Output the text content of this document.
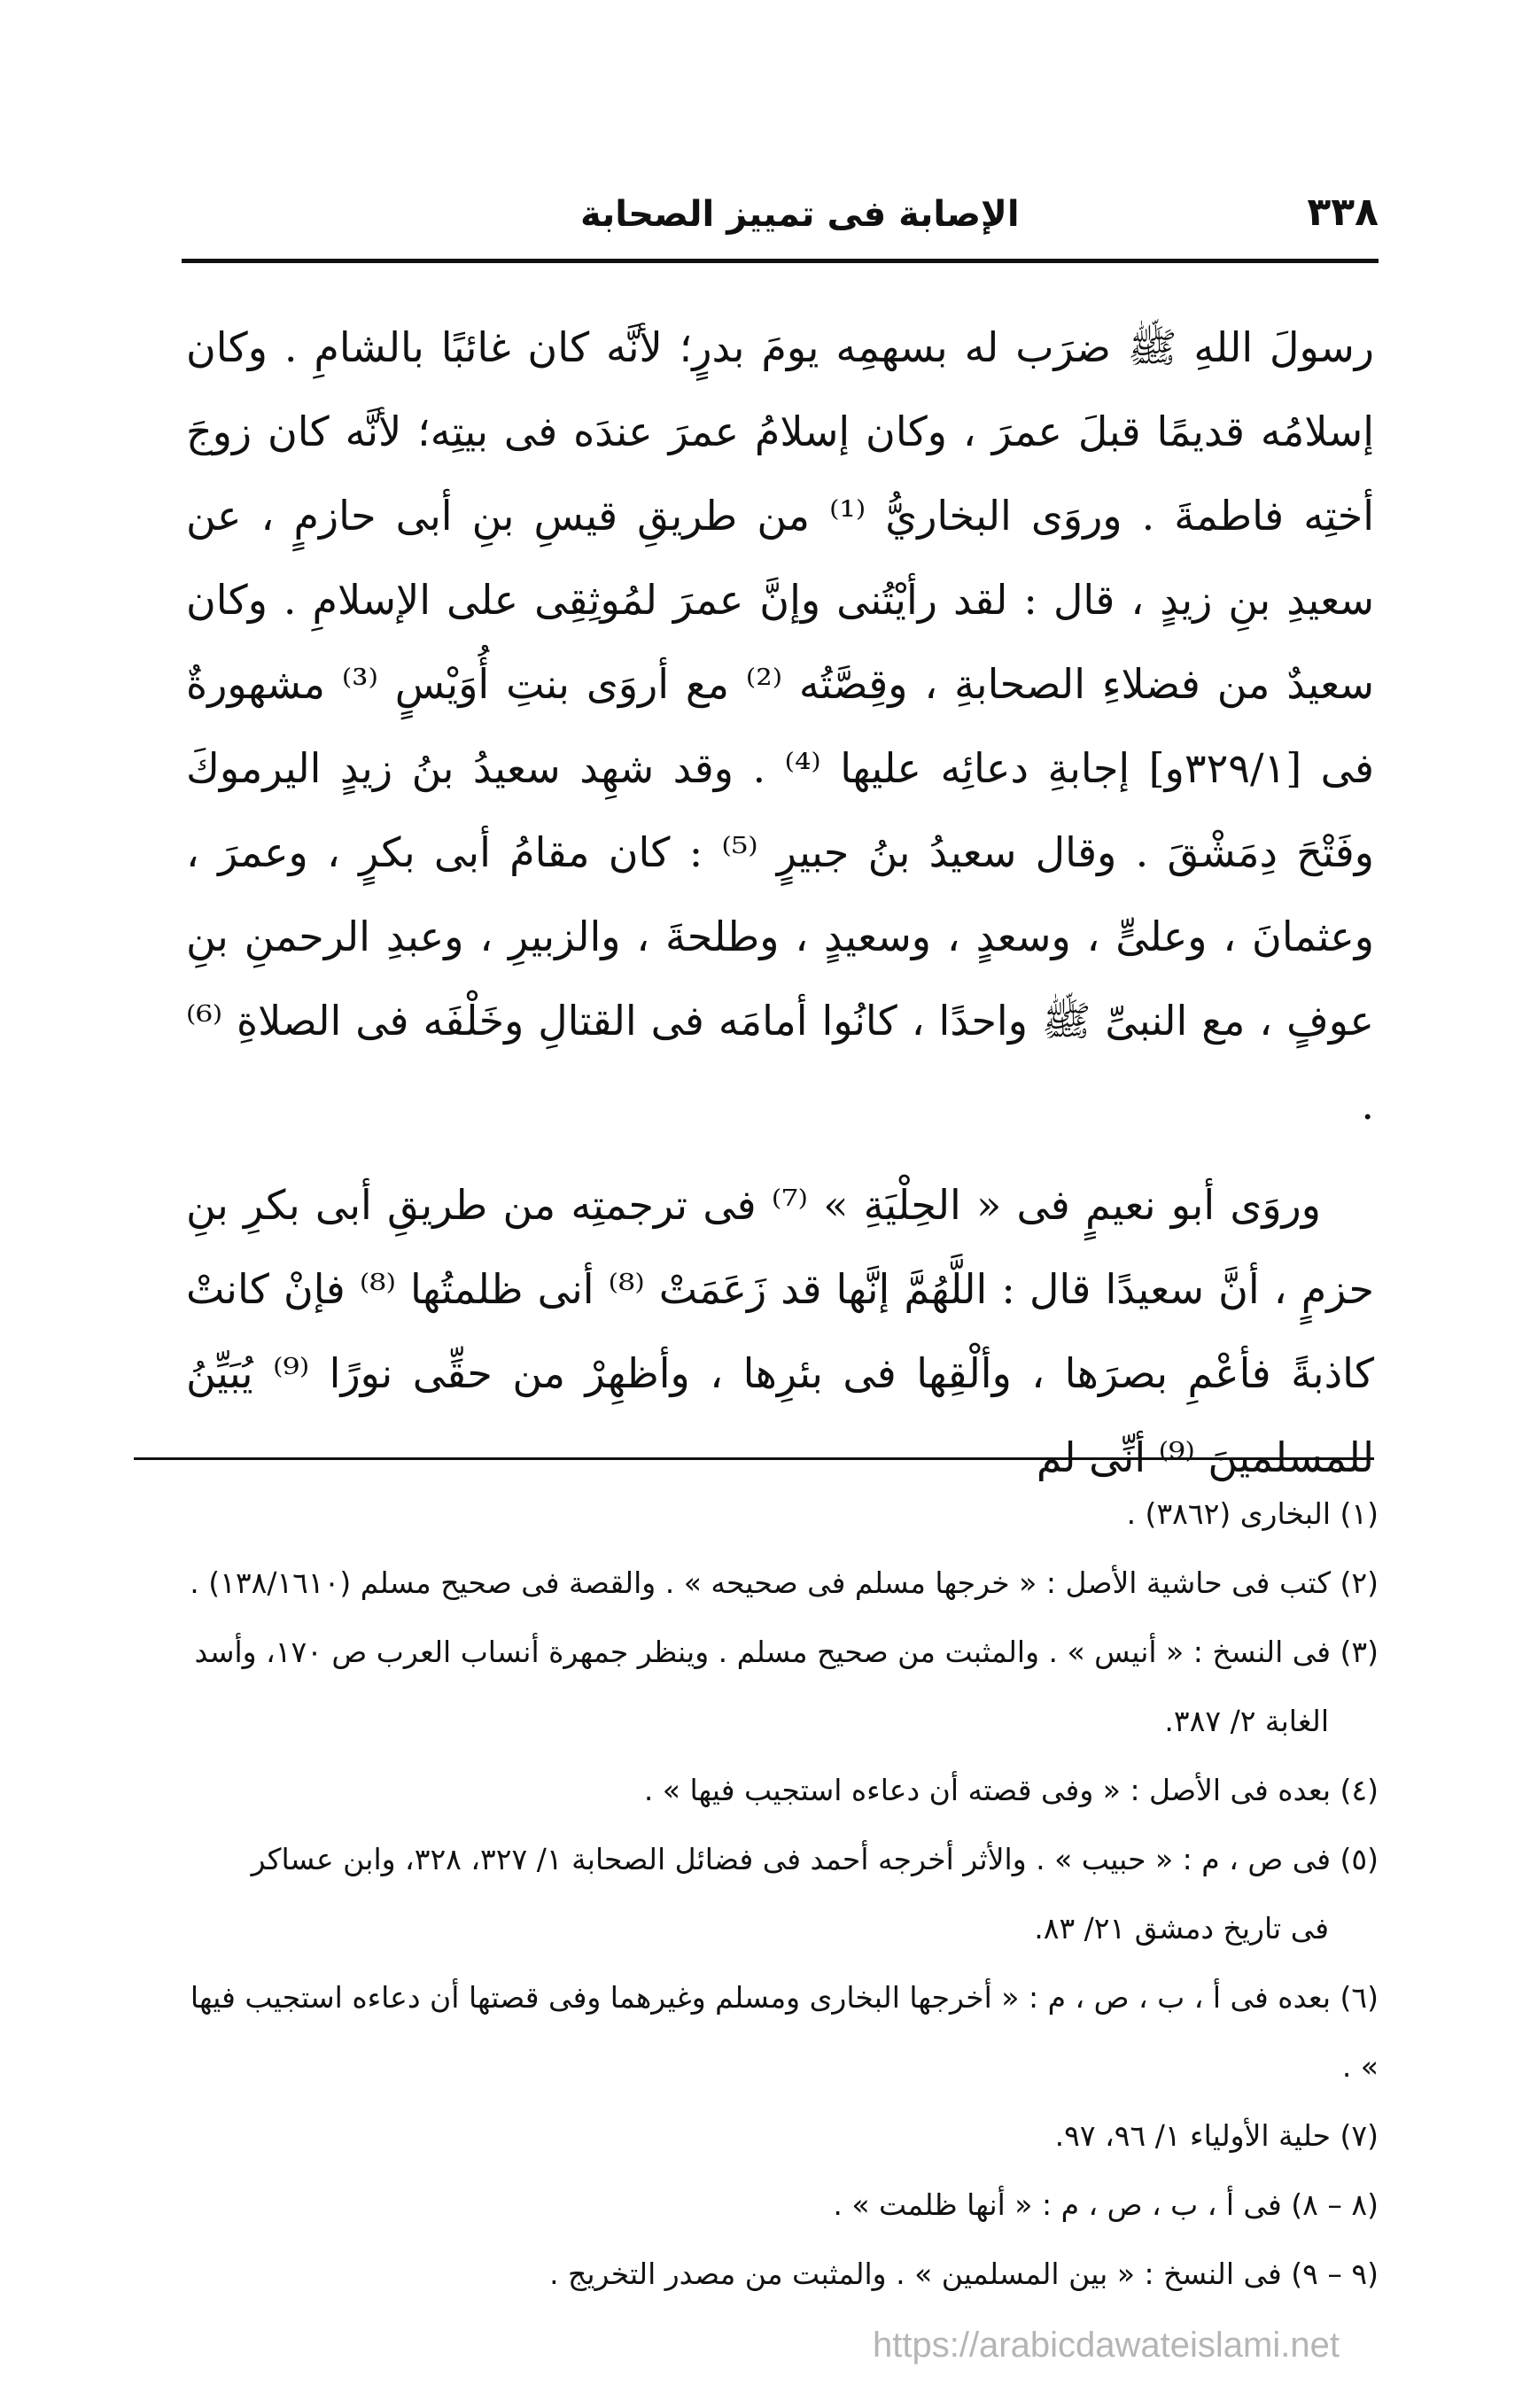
٣٣٨
الإصابة فى تمييز الصحابة

رسولَ اللهِ ﷺ ضرَب له بسهمِه يومَ بدرٍ؛ لأنَّه كان غائبًا بالشامِ . وكان إسلامُه قديمًا قبلَ عمرَ ، وكان إسلامُ عمرَ عندَه فى بيتِه؛ لأنَّه كان زوجَ أختِه فاطمةَ . وروَى البخاريُّ ⁽¹⁾ من طريقِ قيسِ بنِ أبى حازمٍ ، عن سعيدِ بنِ زيدٍ ، قال : لقد رأيْتُنى وإنَّ عمرَ لمُوثِقِى على الإسلامِ . وكان سعيدٌ من فضلاءِ الصحابةِ ، وقِصَّتُه ⁽²⁾ مع أروَى بنتِ أُوَيْسٍ ⁽³⁾ مشهورةٌ فى [٣٢٩/١و] إجابةِ دعائِه عليها ⁽⁴⁾ . وقد شهِد سعيدُ بنُ زيدٍ اليرموكَ وفَتْحَ دِمَشْقَ . وقال سعيدُ بنُ جبيرٍ ⁽⁵⁾ : كان مقامُ أبى بكرٍ ، وعمرَ ، وعثمانَ ، وعلىٍّ ، وسعدٍ ، وسعيدٍ ، وطلحةَ ، والزبيرِ ، وعبدِ الرحمنِ بنِ عوفٍ ، مع النبىِّ ﷺ واحدًا ، كانُوا أمامَه فى القتالِ وخَلْفَه فى الصلاةِ ⁽⁶⁾ .

وروَى أبو نعيمٍ فى « الحِلْيَةِ » ⁽⁷⁾ فى ترجمتِه من طريقِ أبى بكرِ بنِ حزمٍ ، أنَّ سعيدًا قال : اللَّهُمَّ إنَّها قد زَعَمَتْ ⁽⁸⁾ أنى ظلمتُها ⁽⁸⁾ فإنْ كانتْ كاذبةً فأعْمِ بصرَها ، وألْقِها فى بئرِها ، وأظهِرْ من حقِّى نورًا ⁽⁹⁾ يُبَيِّنُ للمسلمينَ ⁽⁹⁾ أنِّى لم

(١) البخارى (٣٨٦٢) .

(٢) كتب فى حاشية الأصل : « خرجها مسلم فى صحيحه » . والقصة فى صحيح مسلم (١٣٨/١٦١٠) .

(٣) فى النسخ : « أنيس » . والمثبت من صحيح مسلم . وينظر جمهرة أنساب العرب ص ١٧٠، وأسد

الغابة ٢/ ٣٨٧.

(٤) بعده فى الأصل : « وفى قصته أن دعاءه استجيب فيها » .

(٥) فى ص ، م : « حبيب » . والأثر أخرجه أحمد فى فضائل الصحابة ١/ ٣٢٧، ٣٢٨، وابن عساكر

فى تاريخ دمشق ٢١/ ٨٣.

(٦) بعده فى أ ، ب ، ص ، م : « أخرجها البخارى ومسلم وغيرهما وفى قصتها أن دعاءه استجيب فيها » .

(٧) حلية الأولياء ١/ ٩٦، ٩٧.

(٨ – ٨) فى أ ، ب ، ص ، م : « أنها ظلمت » .

(٩ – ٩) فى النسخ : « بين المسلمين » . والمثبت من مصدر التخريج .

https://arabicdawateislami.net
